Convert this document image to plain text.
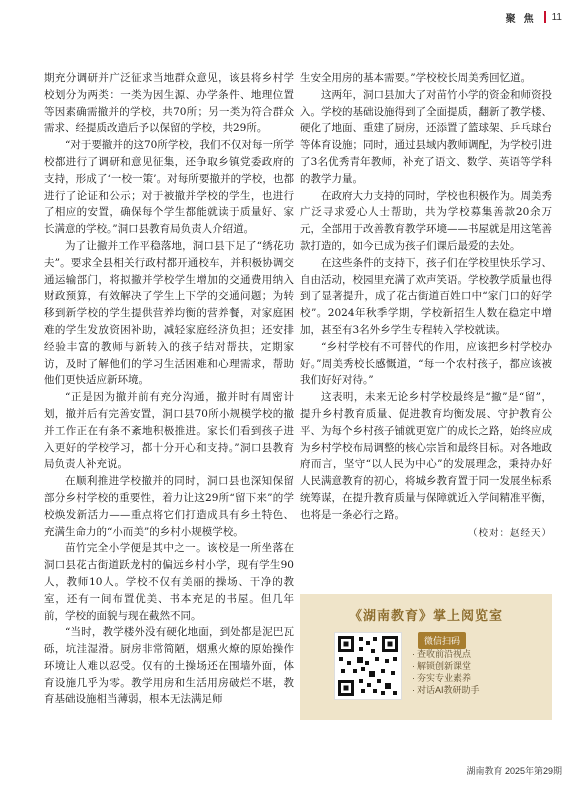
聚焦 11

期充分调研并广泛征求当地群众意见，该县将乡村学校划分为两类：一类为因生源、办学条件、地理位置等因素确需撤并的学校，共70所；另一类为符合群众需求、经提质改造后予以保留的学校，共29所。

“对于要撤并的这70所学校，我们不仅对每一所学校都进行了调研和意见征集，还争取乡镇党委政府的支持，形成了‘一校一策’。对每所要撤并的学校，也都进行了论证和公示；对于被撤并学校的学生，也进行了相应的安置，确保每个学生都能就读于质量好、家长满意的学校。”洞口县教育局负责人介绍道。

为了让撤并工作平稳落地，洞口县下足了“绣花功夫”。要求全县相关行政村都开通校车，并积极协调交通运输部门，将拟撤并学校学生增加的交通费用纳入财政预算，有效解决了学生上下学的交通问题；为转移到新学校的学生提供营养均衡的营养餐，对家庭困难的学生发放资困补助，减轻家庭经济负担；还安排经验丰富的教师与新转入的孩子结对帮扶，定期家访，及时了解他们的学习生活困难和心理需求，帮助他们更快适应新环境。

“正是因为撤并前有充分沟通，撤并时有周密计划，撤并后有完善安置，洞口县70所小规模学校的撤并工作正在有条不紊地积极推进。家长们看到孩子进入更好的学校学习，都十分开心和支持。”洞口县教育局负责人补充说。

在顺利推进学校撤并的同时，洞口县也深知保留部分乡村学校的重要性，着力让这29所“留下来”的学校焕发新活力——重点将它们打造成具有乡土特色、充满生命力的“小而美”的乡村小规模学校。

苗竹完全小学便是其中之一。该校是一所坐落在洞口县花古街道跃龙村的偏远乡村小学，现有学生90人，教师10人。学校不仅有美丽的操场、干净的教室，还有一间布置优美、书本充足的书屋。但几年前，学校的面貌与现在截然不同。

“当时，教学楼外没有硬化地面，到处都是泥巴瓦砾，坑洼湿滑。厨房非常简陋，烟熏火燎的原始操作环境让人难以忍受。仅有的土操场还在围墙外面，体育设施几乎为零。教学用房和生活用房破烂不堪，教育基础设施相当薄弱，根本无法满足师

生安全用房的基本需要。”学校校长周美秀回忆道。

这两年，洞口县加大了对苗竹小学的资金和师资投入。学校的基础设施得到了全面提质，翻新了教学楼、硬化了地面、重建了厨房，还添置了篮球架、乒乓球台等体育设施；同时，通过县域内教师调配，为学校引进了3名优秀青年教师，补充了语文、数学、英语等学科的教学力量。

在政府大力支持的同时，学校也积极作为。周美秀广泛寻求爱心人士帮助，共为学校募集善款20余万元，全部用于改善教育教学环境——书屋就是用这笔善款打造的，如今已成为孩子们课后最爱的去处。

在这些条件的支持下，孩子们在学校里快乐学习、自由活动，校园里充满了欢声笑语。学校教学质量也得到了显著提升，成了花古街道百姓口中“家门口的好学校”。2024年秋季学期，学校新招生人数在稳定中增加，甚至有3名外乡学生专程转入学校就读。

“乡村学校有不可替代的作用，应该把乡村学校办好。”周美秀校长感慨道，“每一个农村孩子，都应该被我们好好对待。”

这表明，未来无论乡村学校最终是“撤”是“留”，提升乡村教育质量、促进教育均衡发展、守护教育公平、为每个乡村孩子铺就更宽广的成长之路，始终应成为乡村学校布局调整的核心宗旨和最终目标。对各地政府而言，坚守“以人民为中心”的发展理念，秉持办好人民满意教育的初心，将城乡教育置于同一发展坐标系统筹谋，在提升教育质量与保障就近入学间精准平衡，也将是一条必行之路。

（校对：赵经天）

《湖南教育》掌上阅览室
微信扫码
· 查收前沿视点
· 解锁创新课堂
· 夯实专业素养
· 对话AI教研助手
湖南教育 2025年第29期
